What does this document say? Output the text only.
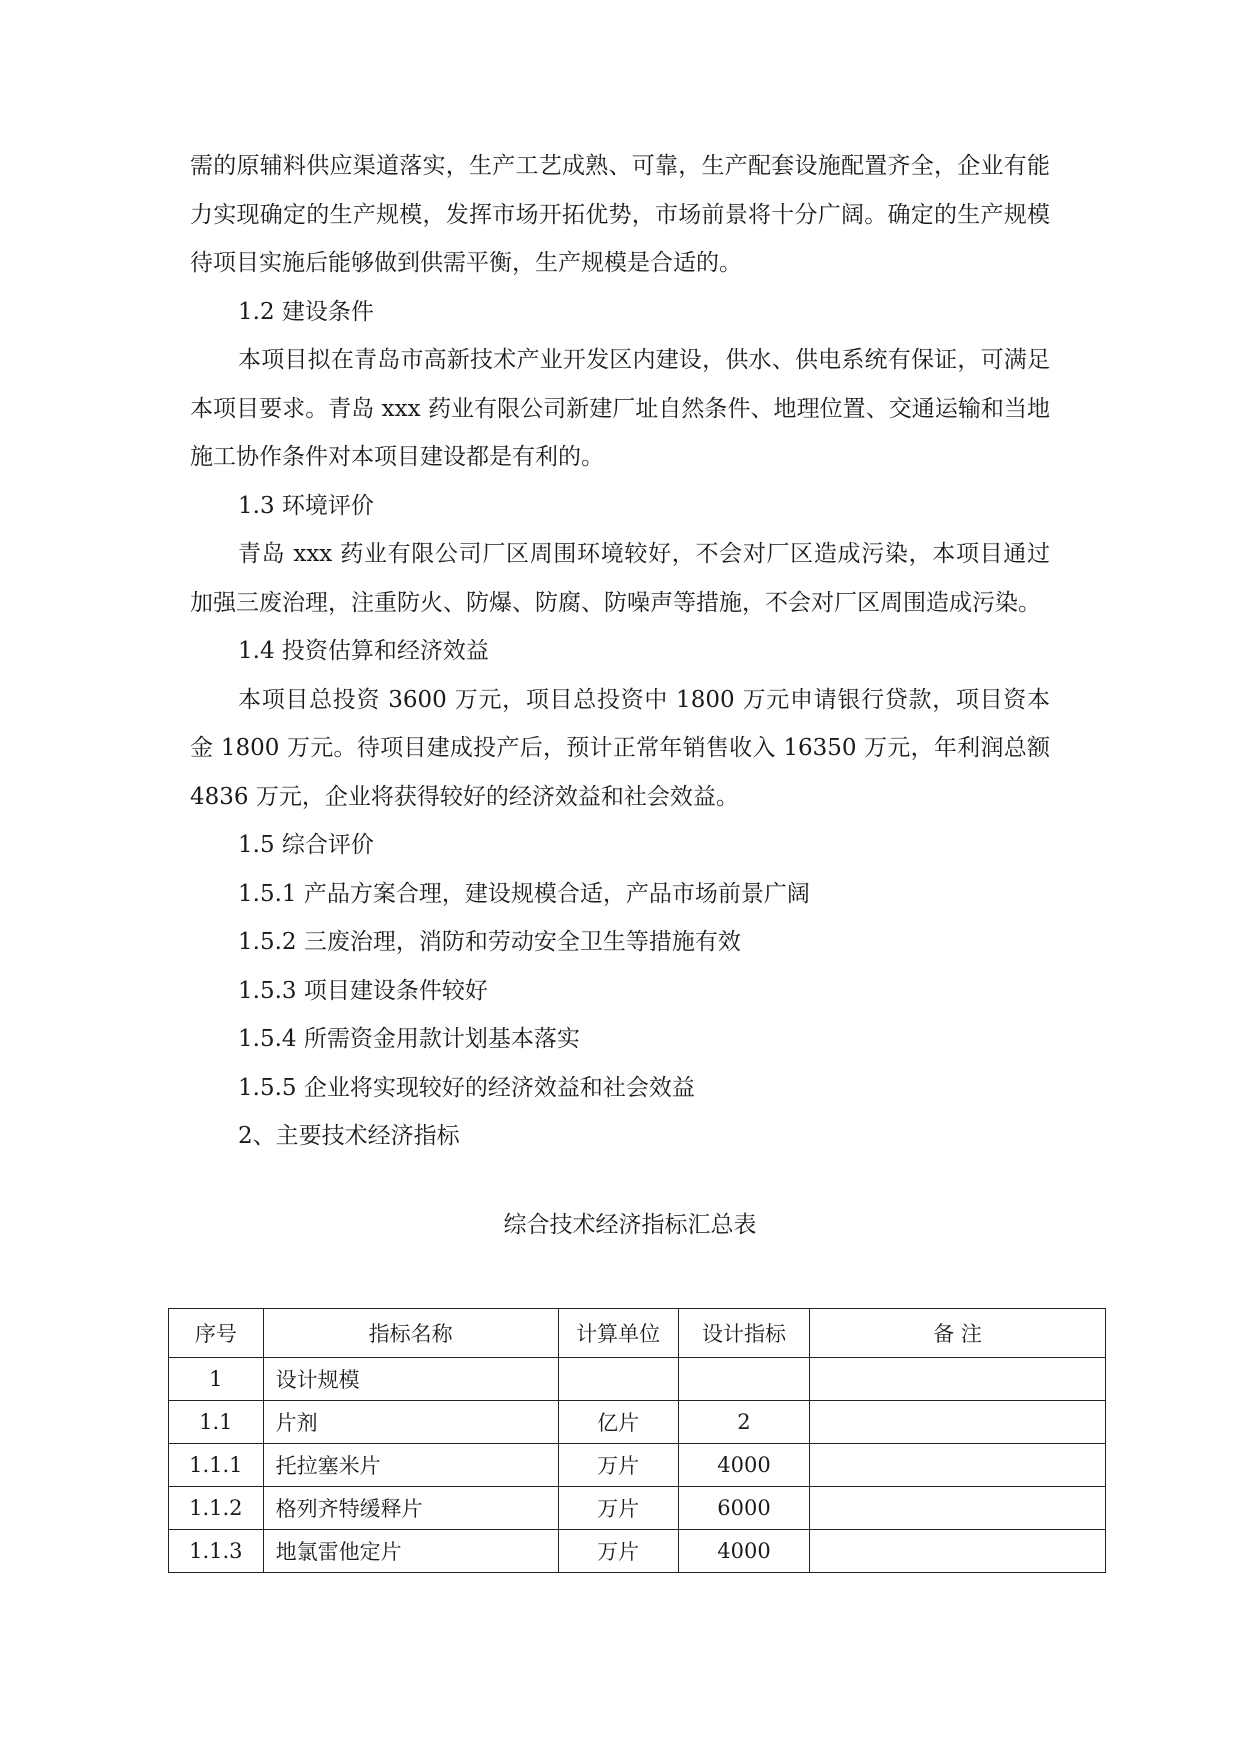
需的原辅料供应渠道落实，生产工艺成熟、可靠，生产配套设施配置齐全，企业有能力实现确定的生产规模，发挥市场开拓优势，市场前景将十分广阔。确定的生产规模待项目实施后能够做到供需平衡，生产规模是合适的。

1.2 建设条件

本项目拟在青岛市高新技术产业开发区内建设，供水、供电系统有保证，可满足本项目要求。青岛 xxx 药业有限公司新建厂址自然条件、地理位置、交通运输和当地施工协作条件对本项目建设都是有利的。

1.3 环境评价

青岛 xxx 药业有限公司厂区周围环境较好，不会对厂区造成污染，本项目通过加强三废治理，注重防火、防爆、防腐、防噪声等措施，不会对厂区周围造成污染。

1.4 投资估算和经济效益

本项目总投资 3600 万元，项目总投资中 1800 万元申请银行贷款，项目资本金 1800 万元。待项目建成投产后，预计正常年销售收入 16350 万元，年利润总额 4836 万元，企业将获得较好的经济效益和社会效益。

1.5 综合评价

1.5.1 产品方案合理，建设规模合适，产品市场前景广阔

1.5.2 三废治理，消防和劳动安全卫生等措施有效

1.5.3 项目建设条件较好

1.5.4 所需资金用款计划基本落实

1.5.5 企业将实现较好的经济效益和社会效益

2、主要技术经济指标

综合技术经济指标汇总表

序号	指标名称	计算单位	设计指标	备 注
1	设计规模			
1.1	片剂	亿片	2	
1.1.1	托拉塞米片	万片	4000	
1.1.2	格列齐特缓释片	万片	6000	
1.1.3	地氯雷他定片	万片	4000	
